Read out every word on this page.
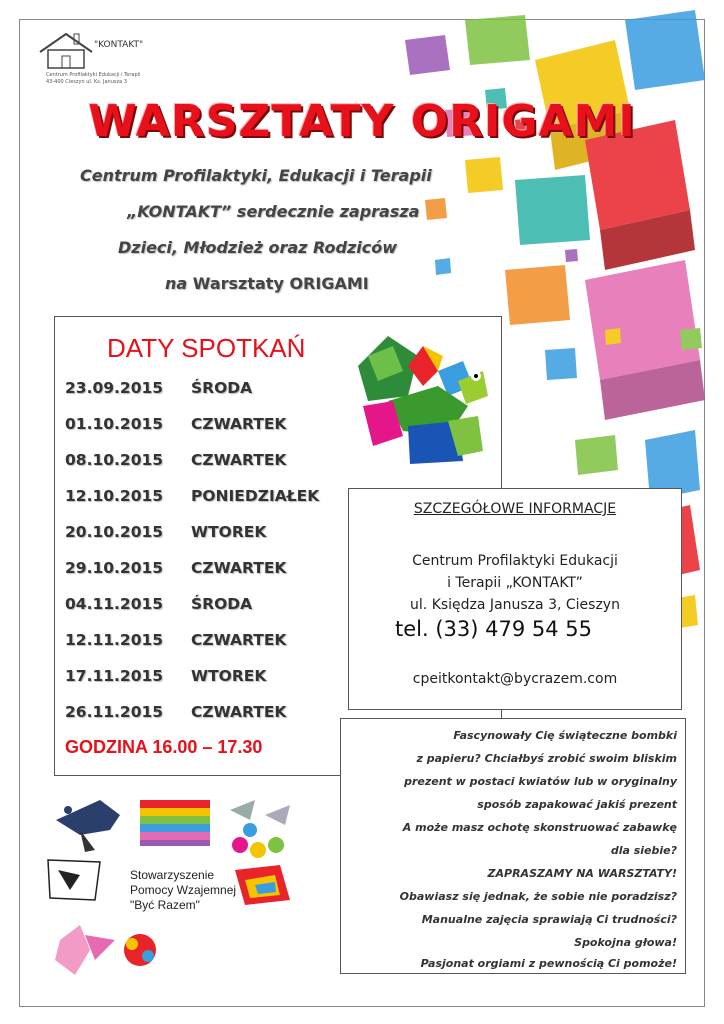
"KONTAKT"
Centrum Profilaktyki Edukacji i Terapii
43-400 Cieszyn ul. Ks. Janusza 3
WARSZTATY ORIGAMI
Centrum Profilaktyki, Edukacji i Terapii
„KONTAKT” serdecznie zaprasza
Dzieci, Młodzież oraz Rodziców
na Warsztaty ORIGAMI
DATY SPOTKAŃ
23.09.2015 ŚRODA
01.10.2015 CZWARTEK
08.10.2015 CZWARTEK
12.10.2015 PONIEDZIAŁEK
20.10.2015 WTOREK
29.10.2015 CZWARTEK
04.11.2015 ŚRODA
12.11.2015 CZWARTEK
17.11.2015 WTOREK
26.11.2015 CZWARTEK
GODZINA 16.00 – 17.30
SZCZEGÓŁOWE INFORMACJE
Centrum Profilaktyki Edukacji
i Terapii „KONTAKT”
ul. Księdza Janusza 3, Cieszyn
tel. (33) 479 54 55
cpeitkontakt@bycrazem.com
Fascynowały Cię świąteczne bombki
z papieru? Chciałbyś zrobić swoim bliskim
prezent w postaci kwiatów lub w oryginalny
sposób zapakować jakiś prezent
A może masz ochotę skonstruować zabawkę
dla siebie?
ZAPRASZAMY NA WARSZTATY!
Obawiasz się jednak, że sobie nie poradzisz?
Manualne zajęcia sprawiają Ci trudności?
Spokojna głowa!
Pasjonat orgiami z pewnością Ci pomoże!
Stowarzyszenie
Pomocy Wzajemnej
"Być Razem"
